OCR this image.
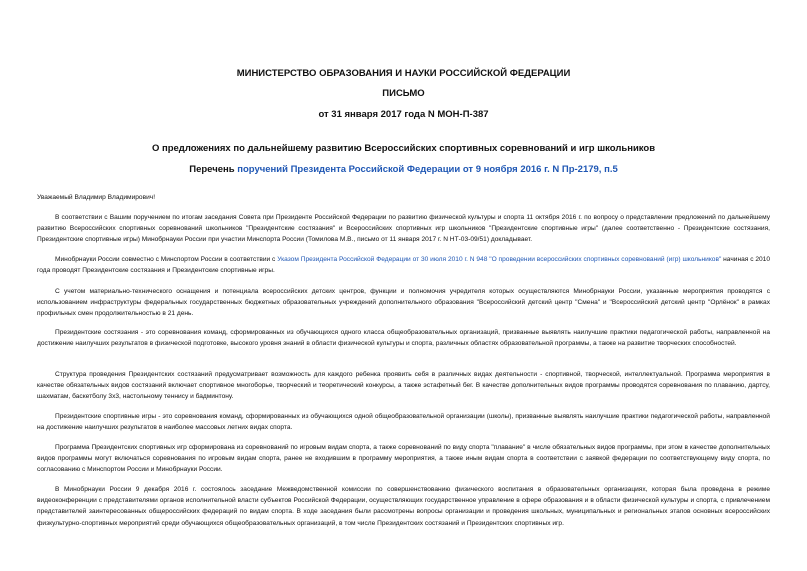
МИНИСТЕРСТВО ОБРАЗОВАНИЯ И НАУКИ РОССИЙСКОЙ ФЕДЕРАЦИИ
ПИСЬМО
от 31 января 2017 года N МОН-П-387
О предложениях по дальнейшему развитию Всероссийских спортивных соревнований и игр школьников
Перечень поручений Президента Российской Федерации от 9 ноября 2016 г. N Пр-2179, п.5

Уважаемый Владимир Владимирович!

В соответствии с Вашим поручением по итогам заседания Совета при Президенте Российской Федерации по развитию физической культуры и спорта 11 октября 2016 г. по вопросу о представлении предложений по дальнейшему развитию Всероссийских спортивных соревнований школьников "Президентские состязания" и Всероссийских спортивных игр школьников "Президентские спортивные игры" (далее соответственно - Президентские состязания, Президентские спортивные игры) Минобрнауки России при участии Минспорта России (Томилова М.В., письмо от 11 января 2017 г. N НТ-03-09/51) докладывает.

Минобрнауки России совместно с Минспортом России в соответствии с Указом Президента Российской Федерации от 30 июля 2010 г. N 948 "О проведении всероссийских спортивных соревнований (игр) школьников" начиная с 2010 года проводят Президентские состязания и Президентские спортивные игры.

С учетом материально-технического оснащения и потенциала всероссийских детских центров, функции и полномочия учредителя которых осуществляются Минобрнауки России, указанные мероприятия проводятся с использованием инфраструктуры федеральных государственных бюджетных образовательных учреждений дополнительного образования "Всероссийский детский центр "Смена" и "Всероссийский детский центр "Орлёнок" в рамках профильных смен продолжительностью в 21 день.

Президентские состязания - это соревнования команд, сформированных из обучающихся одного класса общеобразовательных организаций, призванные выявлять наилучшие практики педагогической работы, направленной на достижение наилучших результатов в физической подготовке, высокого уровня знаний в области физической культуры и спорта, различных областях образовательной программы, а также на развитие творческих способностей.

Структура проведения Президентских состязаний предусматривает возможность для каждого ребенка проявить себя в различных видах деятельности - спортивной, творческой, интеллектуальной. Программа мероприятия в качестве обязательных видов состязаний включает спортивное многоборье, творческий и теоретический конкурсы, а также эстафетный бег. В качестве дополнительных видов программы проводятся соревнования по плаванию, дартсу, шахматам, баскетболу 3x3, настольному теннису и бадминтону.

Президентские спортивные игры - это соревнования команд, сформированных из обучающихся одной общеобразовательной организации (школы), призванные выявлять наилучшие практики педагогической работы, направленной на достижение наилучших результатов в наиболее массовых летних видах спорта.

Программа Президентских спортивных игр сформирована из соревнований по игровым видам спорта, а также соревнований по виду спорта "плавание" в числе обязательных видов программы, при этом в качестве дополнительных видов программы могут включаться соревнования по игровым видам спорта, ранее не входившим в программу мероприятия, а также иным видам спорта в соответствии с заявкой федерации по соответствующему виду спорта, по согласованию с Минспортом России и Минобрнауки России.

В Минобрнауки России 9 декабря 2016 г. состоялось заседание Межведомственной комиссии по совершенствованию физического воспитания в образовательных организациях, которая была проведена в режиме видеоконференции с представителями органов исполнительной власти субъектов Российской Федерации, осуществляющих государственное управление в сфере образования и в области физической культуры и спорта, с привлечением представителей заинтересованных общероссийских федераций по видам спорта. В ходе заседания были рассмотрены вопросы организации и проведения школьных, муниципальных и региональных этапов основных всероссийских физкультурно-спортивных мероприятий среди обучающихся общеобразовательных организаций, в том числе Президентских состязаний и Президентских спортивных игр.
